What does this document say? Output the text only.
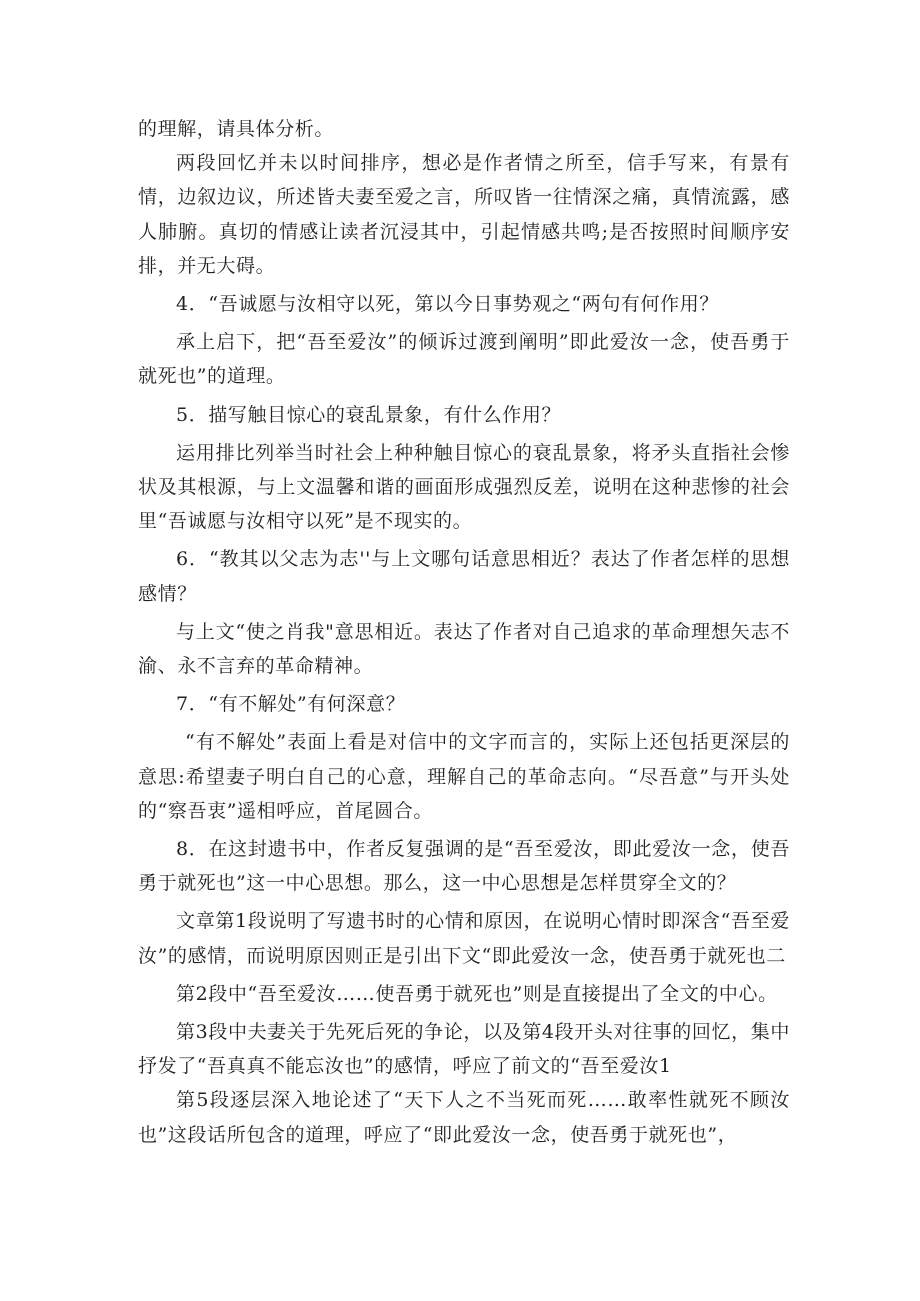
的理解，请具体分析。

两段回忆并未以时间排序，想必是作者情之所至，信手写来，有景有情，边叙边议，所述皆夫妻至爱之言，所叹皆一往情深之痛，真情流露，感人肺腑。真切的情感让读者沉浸其中，引起情感共鸣;是否按照时间顺序安排，并无大碍。

4．“吾诚愿与汝相守以死，第以今日事势观之“两句有何作用？

承上启下，把“吾至爱汝”的倾诉过渡到阐明”即此爱汝一念，使吾勇于就死也”的道理。

5．描写触目惊心的衰乱景象，有什么作用？

运用排比列举当时社会上种种触目惊心的衰乱景象，将矛头直指社会惨状及其根源，与上文温馨和谐的画面形成强烈反差，说明在这种悲惨的社会里“吾诚愿与汝相守以死”是不现实的。

6．“教其以父志为志''与上文哪句话意思相近？表达了作者怎样的思想感情？

与上文“使之肖我"意思相近。表达了作者对自己追求的革命理想矢志不渝、永不言弃的革命精神。

7．“有不解处”有何深意？

“有不解处”表面上看是对信中的文字而言的，实际上还包括更深层的意思:希望妻子明白自己的心意，理解自己的革命志向。“尽吾意”与开头处的“察吾衷”遥相呼应，首尾圆合。

8．在这封遗书中，作者反复强调的是“吾至爱汝，即此爱汝一念，使吾勇于就死也”这一中心思想。那么，这一中心思想是怎样贯穿全文的？

文章第1段说明了写遗书时的心情和原因，在说明心情时即深含“吾至爱汝”的感情，而说明原因则正是引出下文“即此爱汝一念，使吾勇于就死也二

第2段中“吾至爱汝……使吾勇于就死也”则是直接提出了全文的中心。

第3段中夫妻关于先死后死的争论，以及第4段开头对往事的回忆，集中抒发了“吾真真不能忘汝也”的感情，呼应了前文的“吾至爱汝1

第5段逐层深入地论述了“天下人之不当死而死……敢率性就死不顾汝也”这段话所包含的道理，呼应了“即此爱汝一念，使吾勇于就死也”，
